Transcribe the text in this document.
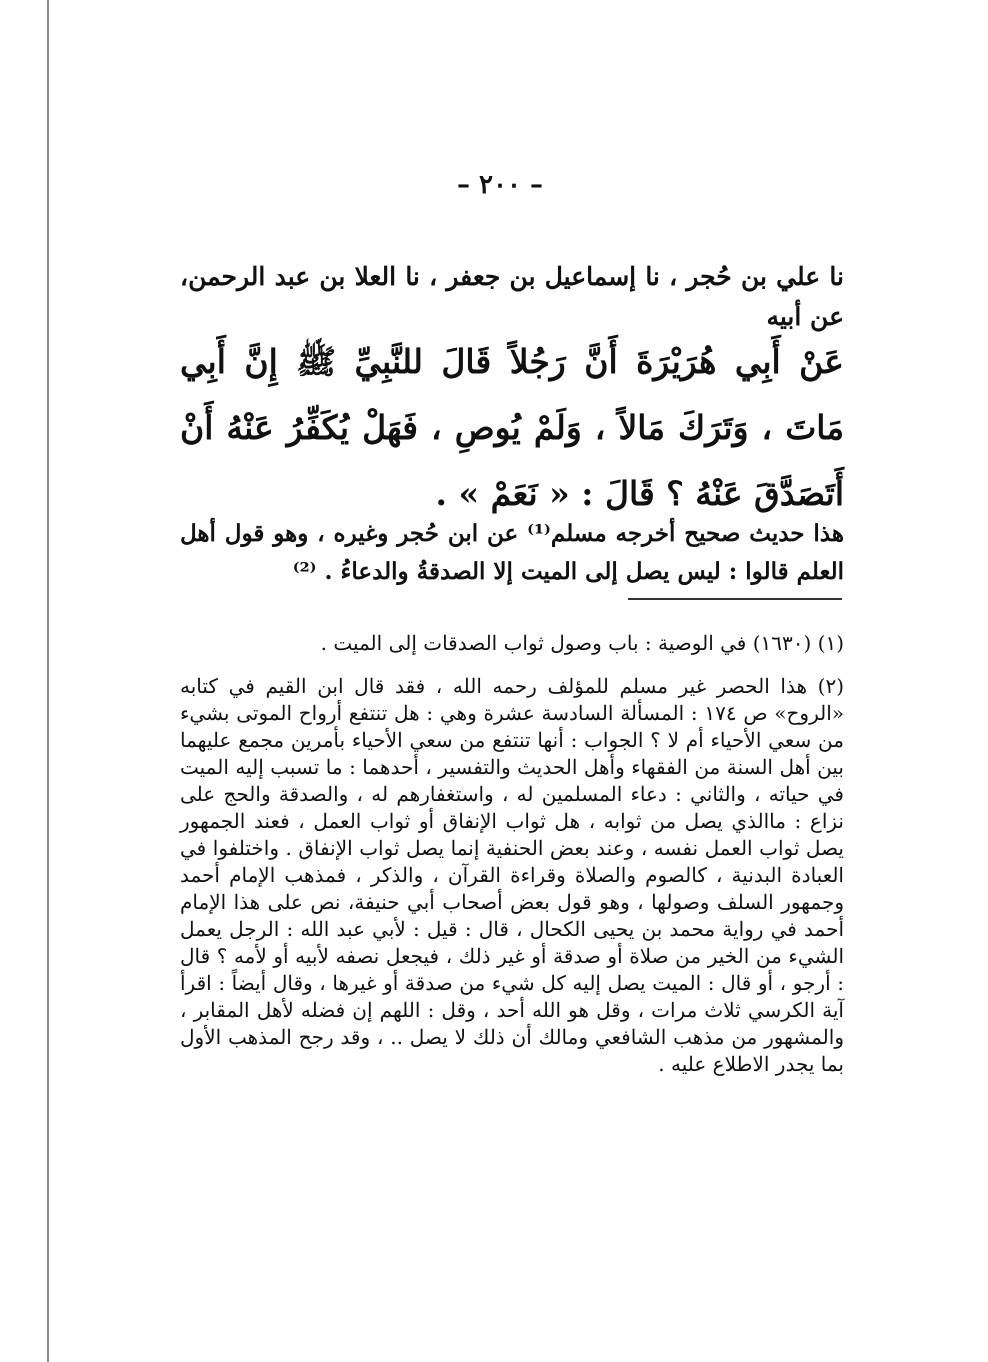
– ٢٠٠ –

نا علي بن حُجر ، نا إسماعيل بن جعفر ، نا العلا بن عبد الرحمن، عن أبيه

عَنْ أَبِي هُرَيْرَةَ أَنَّ رَجُلاً قَالَ للنَّبِيِّ ﷺ إِنَّ أَبِي مَاتَ ، وَتَرَكَ مَالاً ، وَلَمْ يُوصِ ، فَهَلْ يُكَفِّرُ عَنْهُ أَنْ أَتَصَدَّقَ عَنْهُ ؟ قَالَ : « نَعَمْ » .

هذا حديث صحيح أخرجه مسلم⁽¹⁾ عن ابن حُجر وغيره ، وهو قول أهل العلم قالوا : ليس يصل إلى الميت إلا الصدقةُ والدعاءُ . ⁽²⁾

(١) (١٦٣٠) في الوصية : باب وصول ثواب الصدقات إلى الميت .

(٢) هذا الحصر غير مسلم للمؤلف رحمه الله ، فقد قال ابن القيم في كتابه «الروح» ص ١٧٤ : المسألة السادسة عشرة وهي : هل تنتفع أرواح الموتى بشيء من سعي الأحياء أم لا ؟ الجواب : أنها تنتفع من سعي الأحياء بأمرين مجمع عليهما بين أهل السنة من الفقهاء وأهل الحديث والتفسير ، أحدهما : ما تسبب إليه الميت في حياته ، والثاني : دعاء المسلمين له ، واستغفارهم له ، والصدقة والحج على نزاع : ماالذي يصل من ثوابه ، هل ثواب الإنفاق أو ثواب العمل ، فعند الجمهور يصل ثواب العمل نفسه ، وعند بعض الحنفية إنما يصل ثواب الإنفاق . واختلفوا في العبادة البدنية ، كالصوم والصلاة وقراءة القرآن ، والذكر ، فمذهب الإمام أحمد وجمهور السلف وصولها ، وهو قول بعض أصحاب أبي حنيفة، نص على هذا الإمام أحمد في رواية محمد بن يحيى الكحال ، قال : قيل : لأبي عبد الله : الرجل يعمل الشيء من الخير من صلاة أو صدقة أو غير ذلك ، فيجعل نصفه لأبيه أو لأمه ؟ قال : أرجو ، أو قال : الميت يصل إليه كل شيء من صدقة أو غيرها ، وقال أيضاً : اقرأ آية الكرسي ثلاث مرات ، وقل هو الله أحد ، وقل : اللهم إن فضله لأهل المقابر ، والمشهور من مذهب الشافعي ومالك أن ذلك لا يصل .. ، وقد رجح المذهب الأول بما يجدر الاطلاع عليه .
